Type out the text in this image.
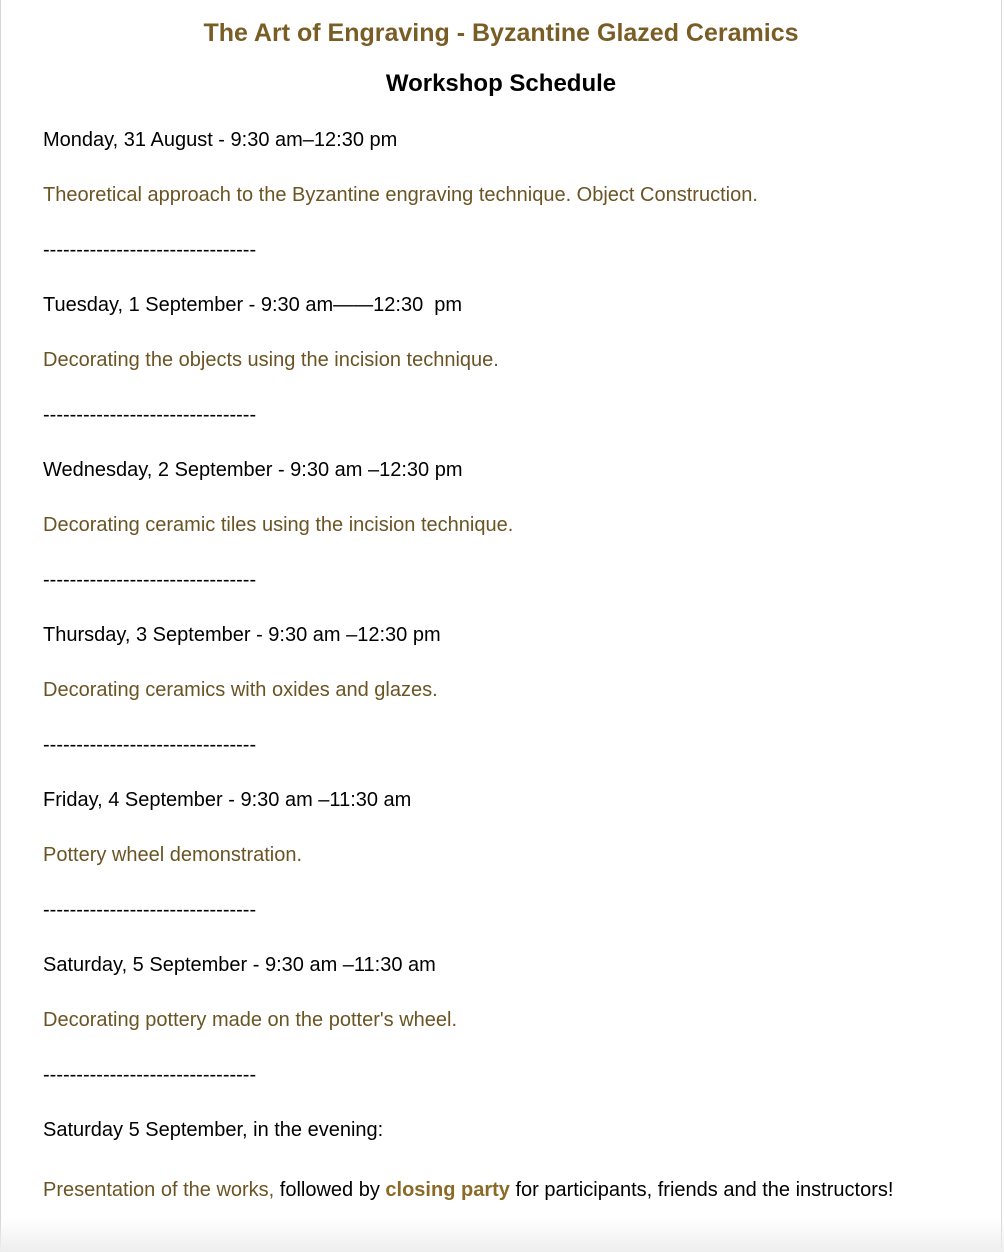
The Art of Engraving - Byzantine Glazed Ceramics
Workshop Schedule

Monday, 31 August - 9:30 am–12:30 pm

Theoretical approach to the Byzantine engraving technique. Object Construction.

--------------------------------

Tuesday, 1 September - 9:30 am——12:30  pm

Decorating the objects using the incision technique.

--------------------------------

Wednesday, 2 September - 9:30 am –12:30 pm

Decorating ceramic tiles using the incision technique.

--------------------------------

Thursday, 3 September - 9:30 am –12:30 pm

Decorating ceramics with oxides and glazes.

--------------------------------

Friday, 4 September - 9:30 am –11:30 am

Pottery wheel demonstration.

--------------------------------

Saturday, 5 September - 9:30 am –11:30 am

Decorating pottery made on the potter's wheel.

--------------------------------

Saturday 5 September, in the evening:

Presentation of the works, followed by closing party for participants, friends and the instructors!
